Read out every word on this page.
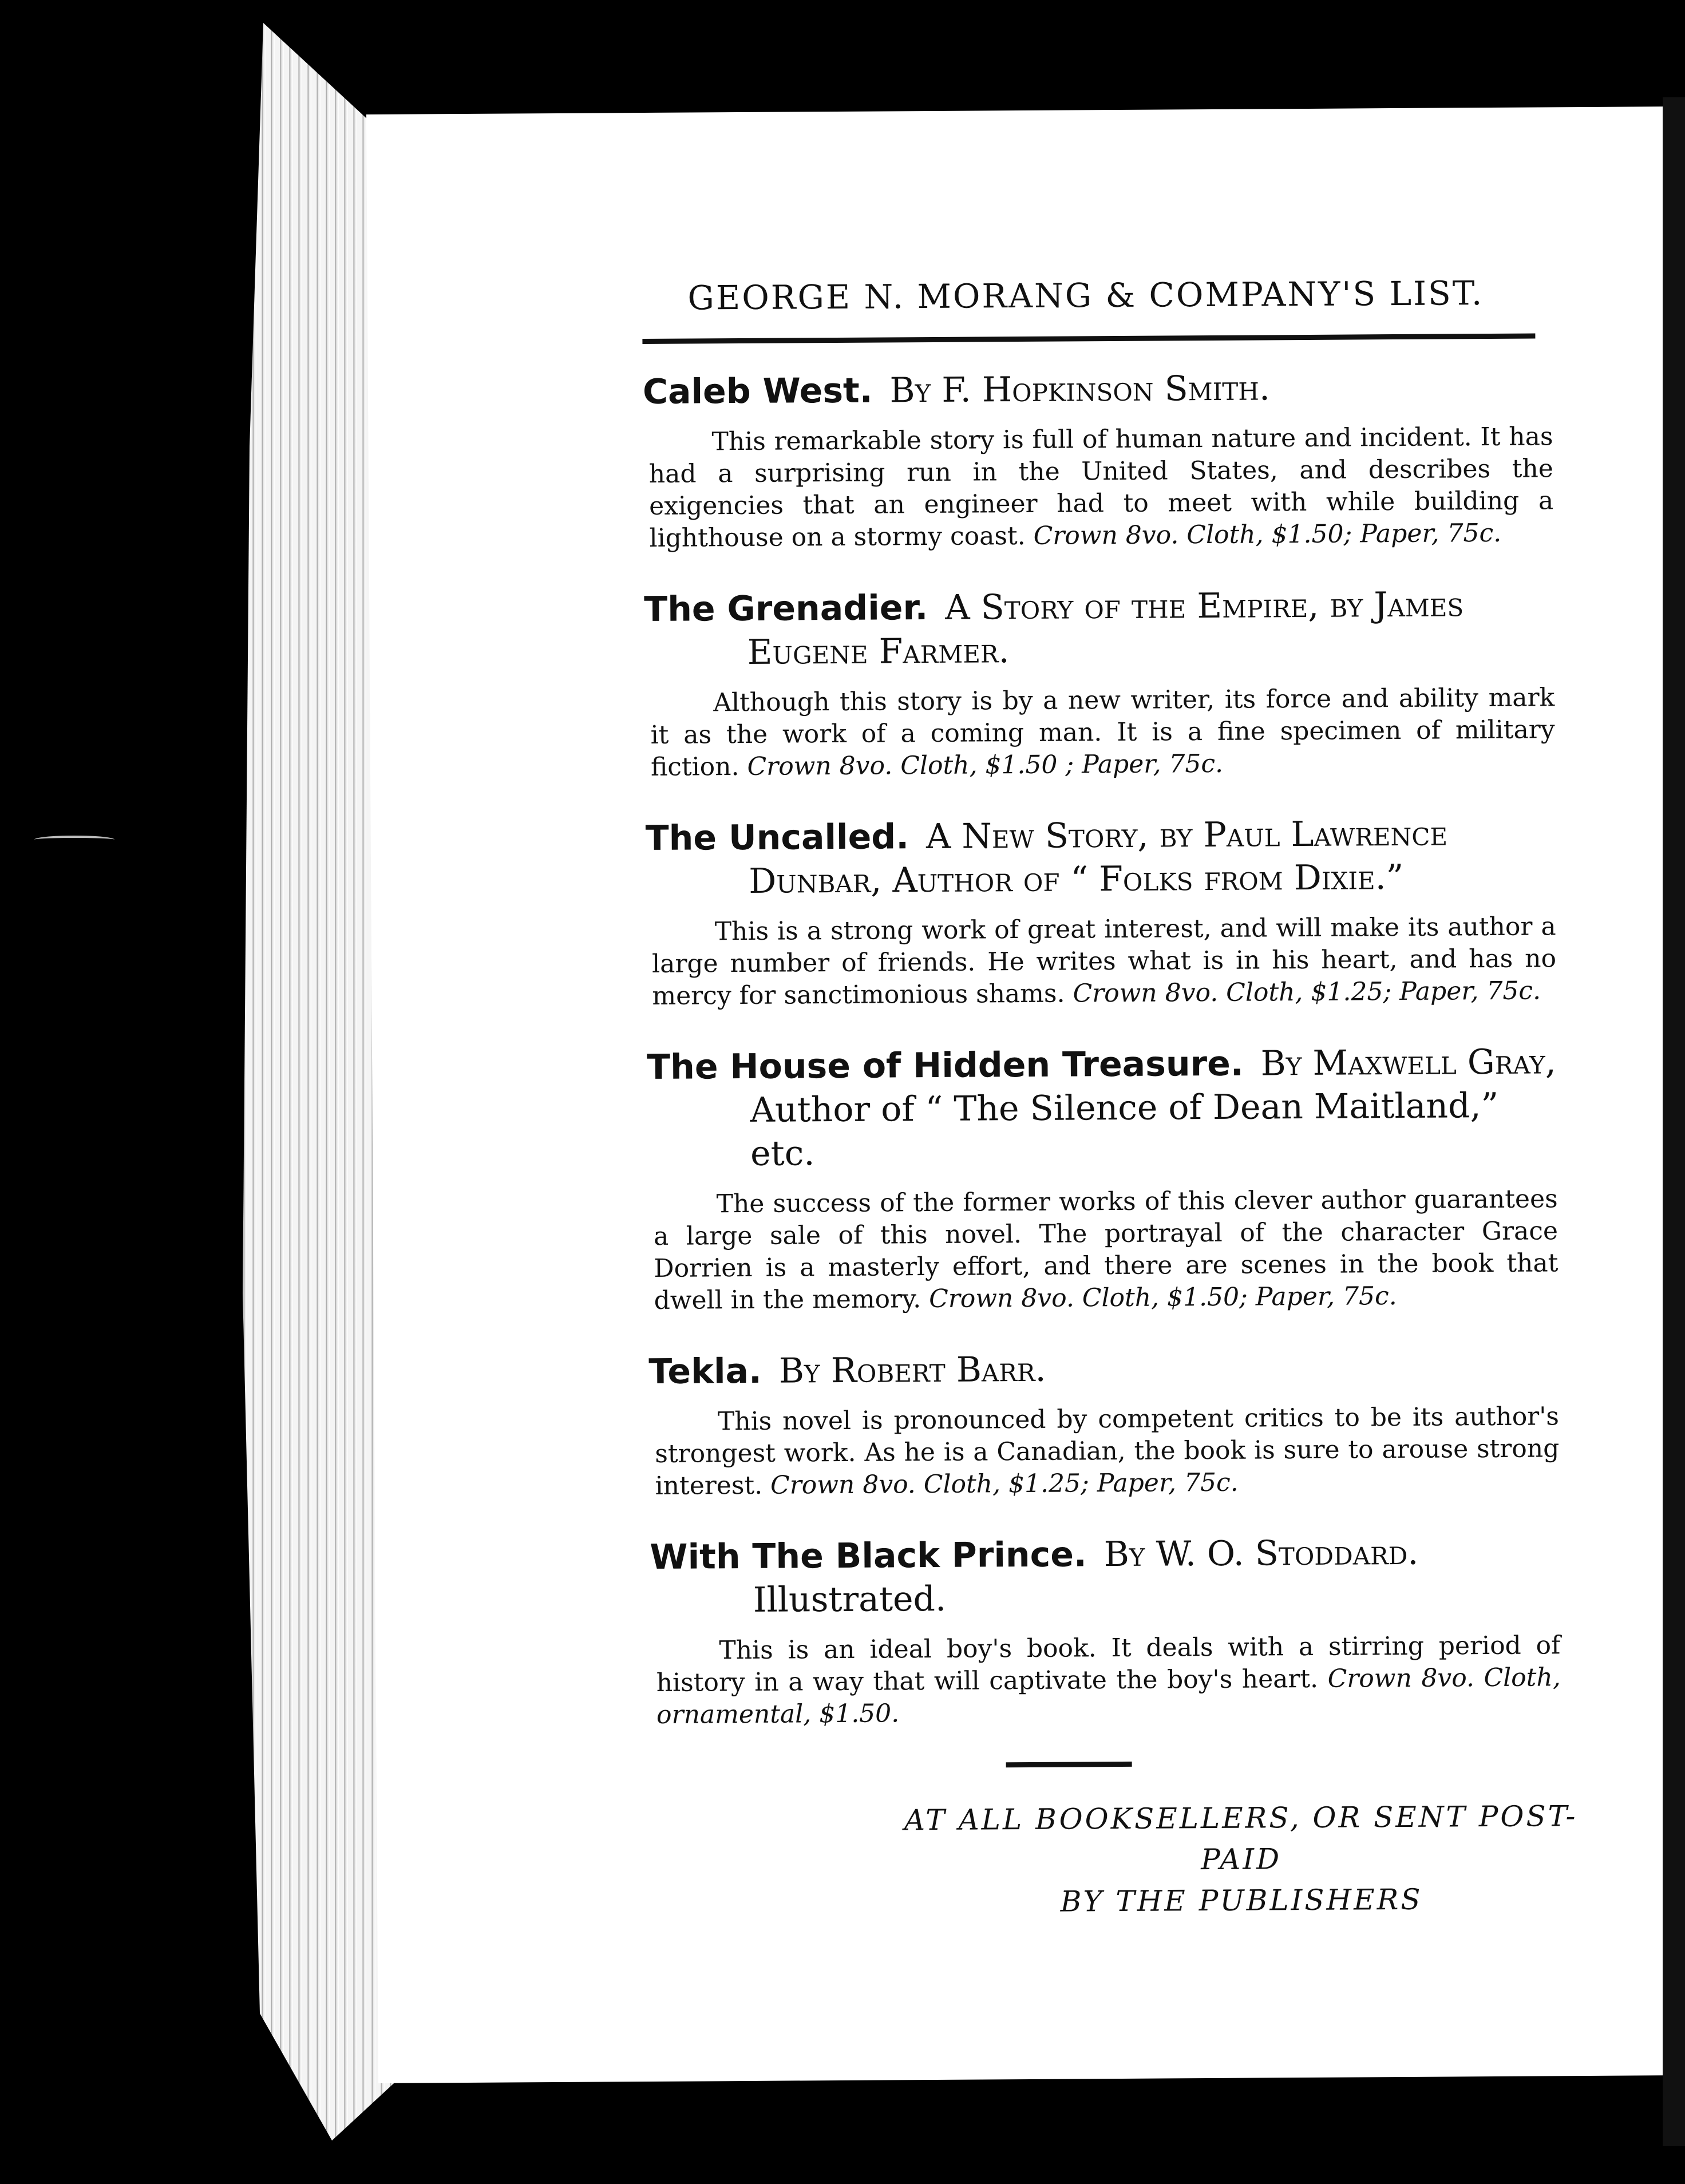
GEORGE N. MORANG & COMPANY'S LIST.
Caleb West. By F. Hopkinson Smith.
This remarkable story is full of human nature and incident. It has had a surprising run in the United States, and describes the exigencies that an engineer had to meet with while building a lighthouse on a stormy coast. Crown 8vo. Cloth, $1.50; Paper, 75c.
The Grenadier. A Story of the Empire, by James
Eugene Farmer.
Although this story is by a new writer, its force and ability mark it as the work of a coming man. It is a fine specimen of military fiction. Crown 8vo. Cloth, $1.50 ; Paper, 75c.
The Uncalled. A New Story, by Paul Lawrence
Dunbar, Author of “ Folks from Dixie.”
This is a strong work of great interest, and will make its author a large number of friends. He writes what is in his heart, and has no mercy for sanctimonious shams. Crown 8vo. Cloth, $1.25; Paper, 75c.
The House of Hidden Treasure. By Maxwell Gray,
Author of “ The Silence of Dean Maitland,” etc.
The success of the former works of this clever author guarantees a large sale of this novel. The portrayal of the character Grace Dorrien is a masterly effort, and there are scenes in the book that dwell in the memory. Crown 8vo. Cloth, $1.50; Paper, 75c.
Tekla. By Robert Barr.
This novel is pronounced by competent critics to be its author's strongest work. As he is a Canadian, the book is sure to arouse strong interest. Crown 8vo. Cloth, $1.25; Paper, 75c.
With The Black Prince. By W. O. Stoddard.
Illustrated.
This is an ideal boy's book. It deals with a stirring period of history in a way that will captivate the boy's heart. Crown 8vo. Cloth, ornamental, $1.50.
AT ALL BOOKSELLERS, OR SENT POST-PAID
BY THE PUBLISHERS
